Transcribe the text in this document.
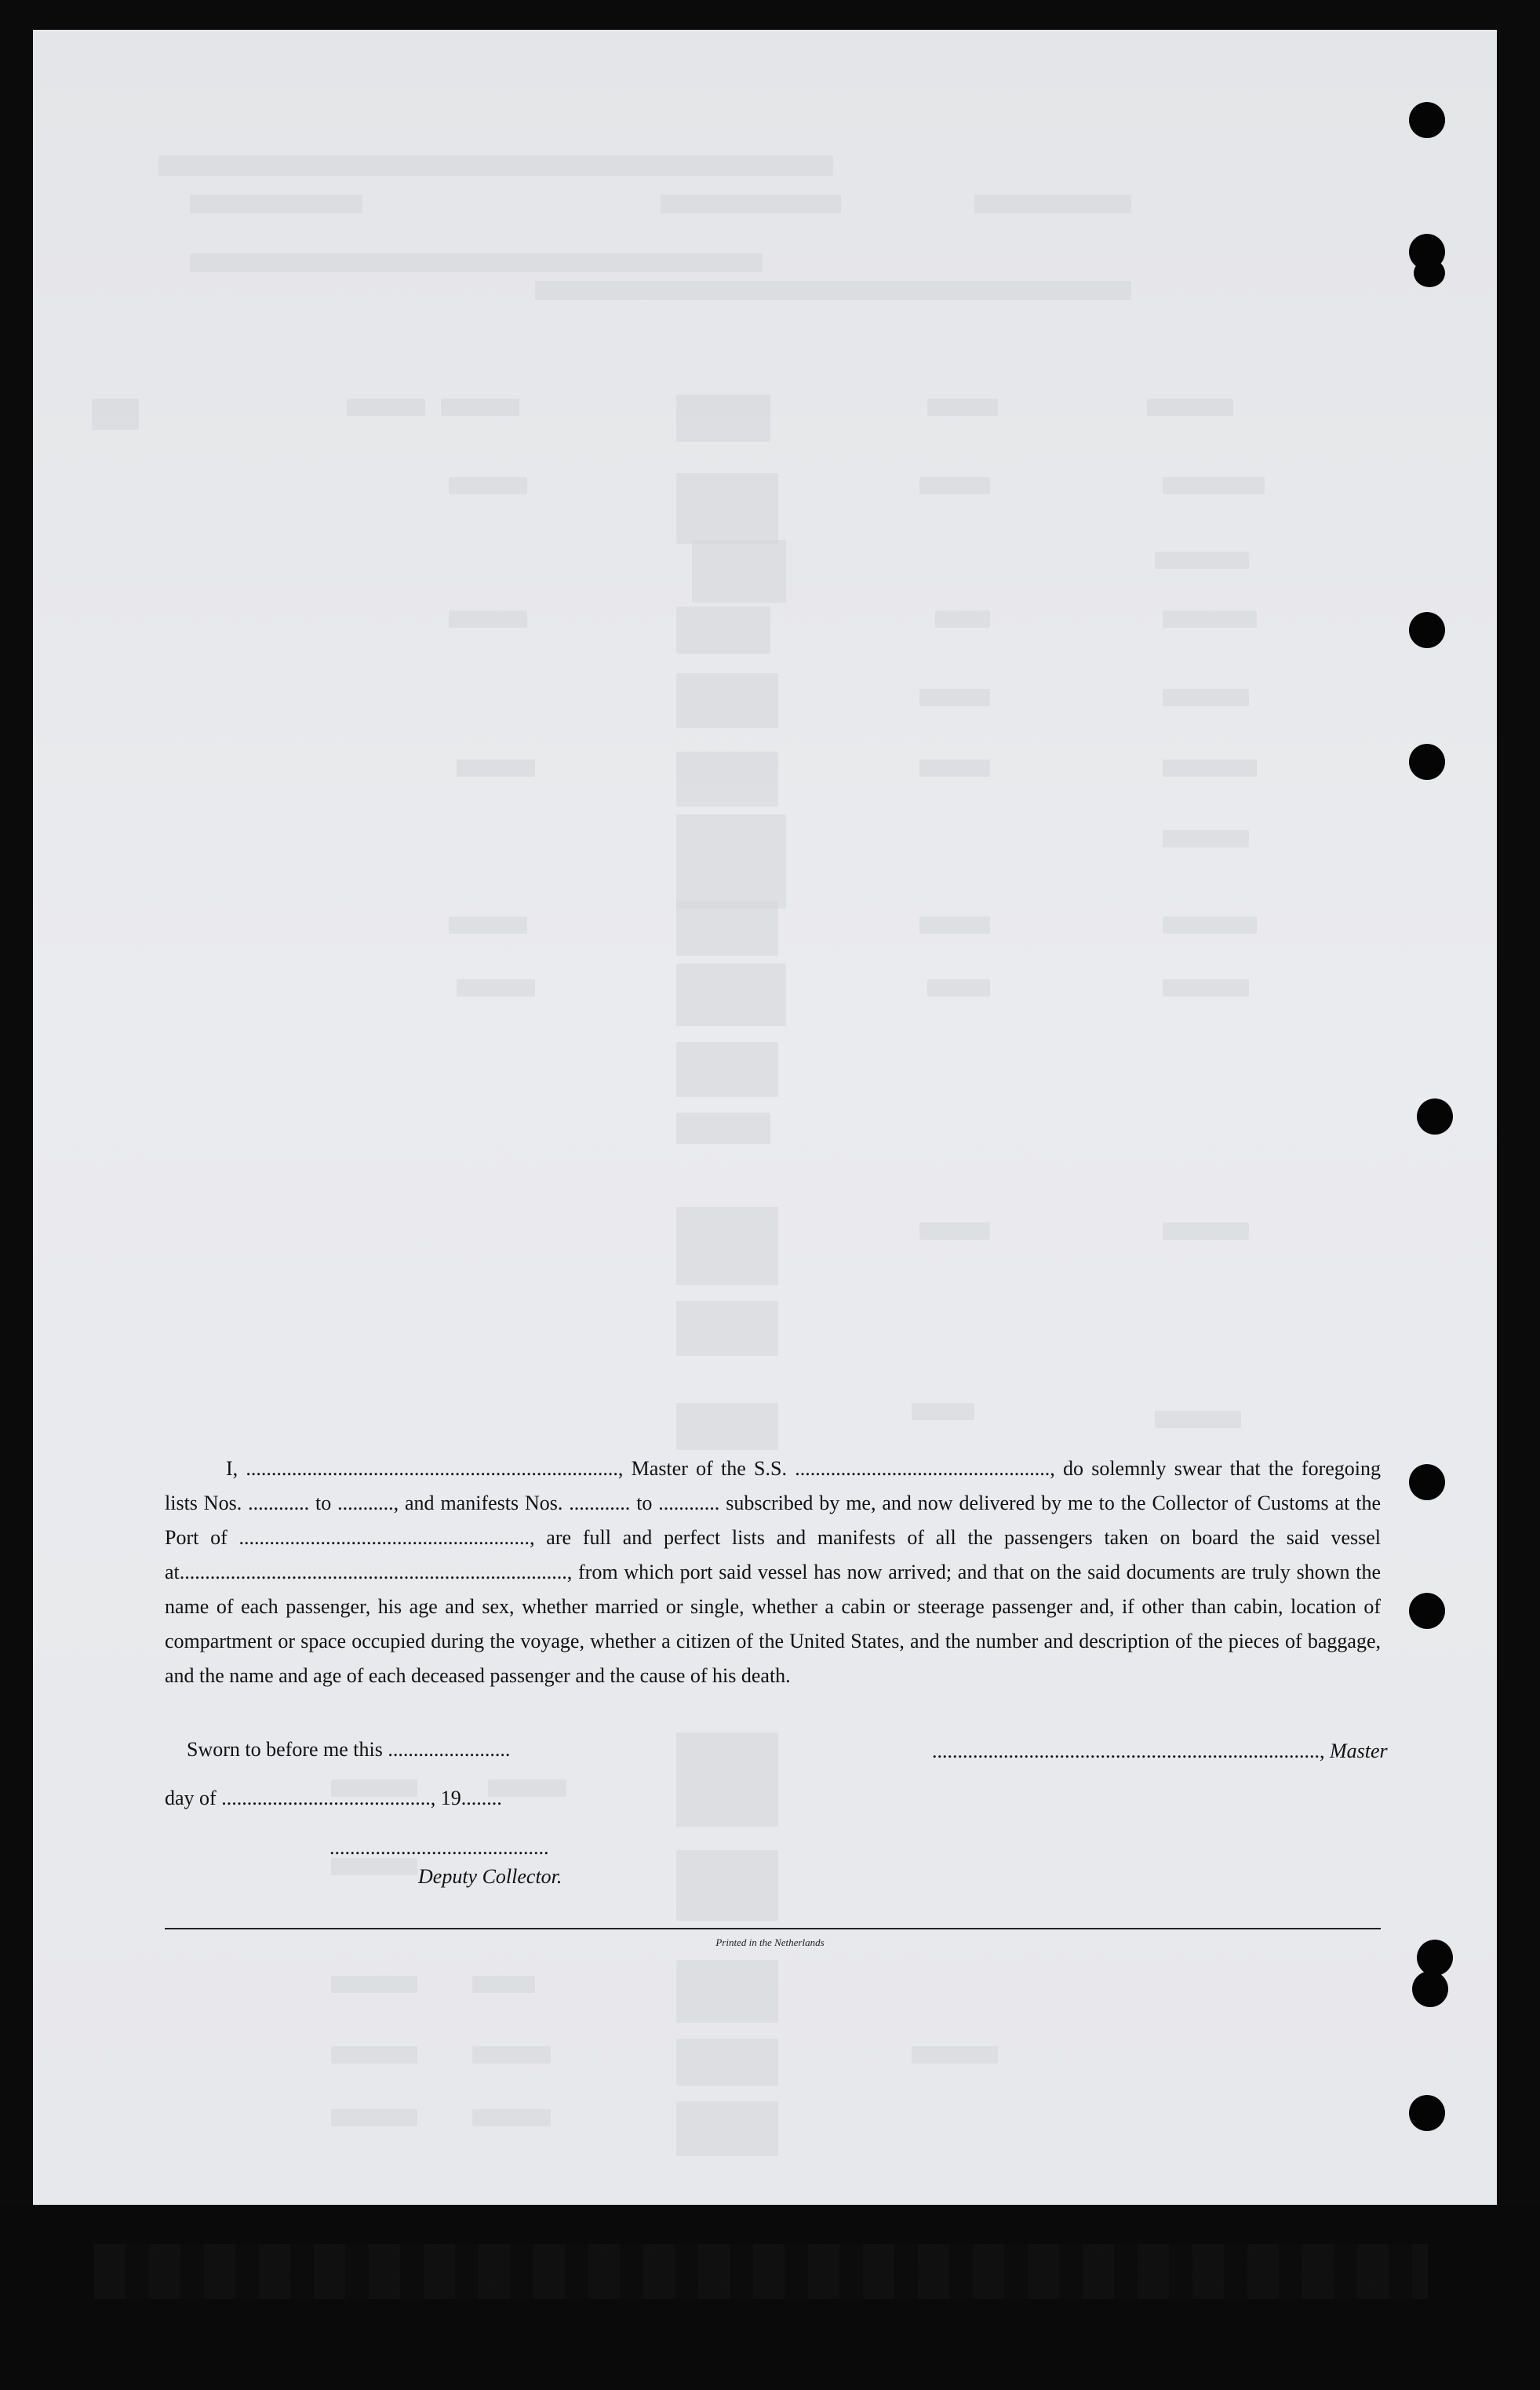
I, ........................................................................., Master of the S.S. .................................................., do solemnly swear that the foregoing lists Nos. ............ to ..........., and manifests Nos. ............ to ............ subscribed by me, and now delivered by me to the Collector of Customs at the Port of ........................................................., are full and perfect lists and manifests of all the passengers taken on board the said vessel at............................................................................, from which port said vessel has now arrived; and that on the said documents are truly shown the name of each passenger, his age and sex, whether married or single, whether a cabin or steerage passenger and, if other than cabin, location of compartment or space occupied during the voyage, whether a citizen of the United States, and the number and description of the pieces of baggage, and the name and age of each deceased passenger and the cause of his death.

Sworn to before me this ........................	............................................................................, Master
day of ........................................., 19........
...........................................
Deputy Collector.
Printed in the Netherlands
